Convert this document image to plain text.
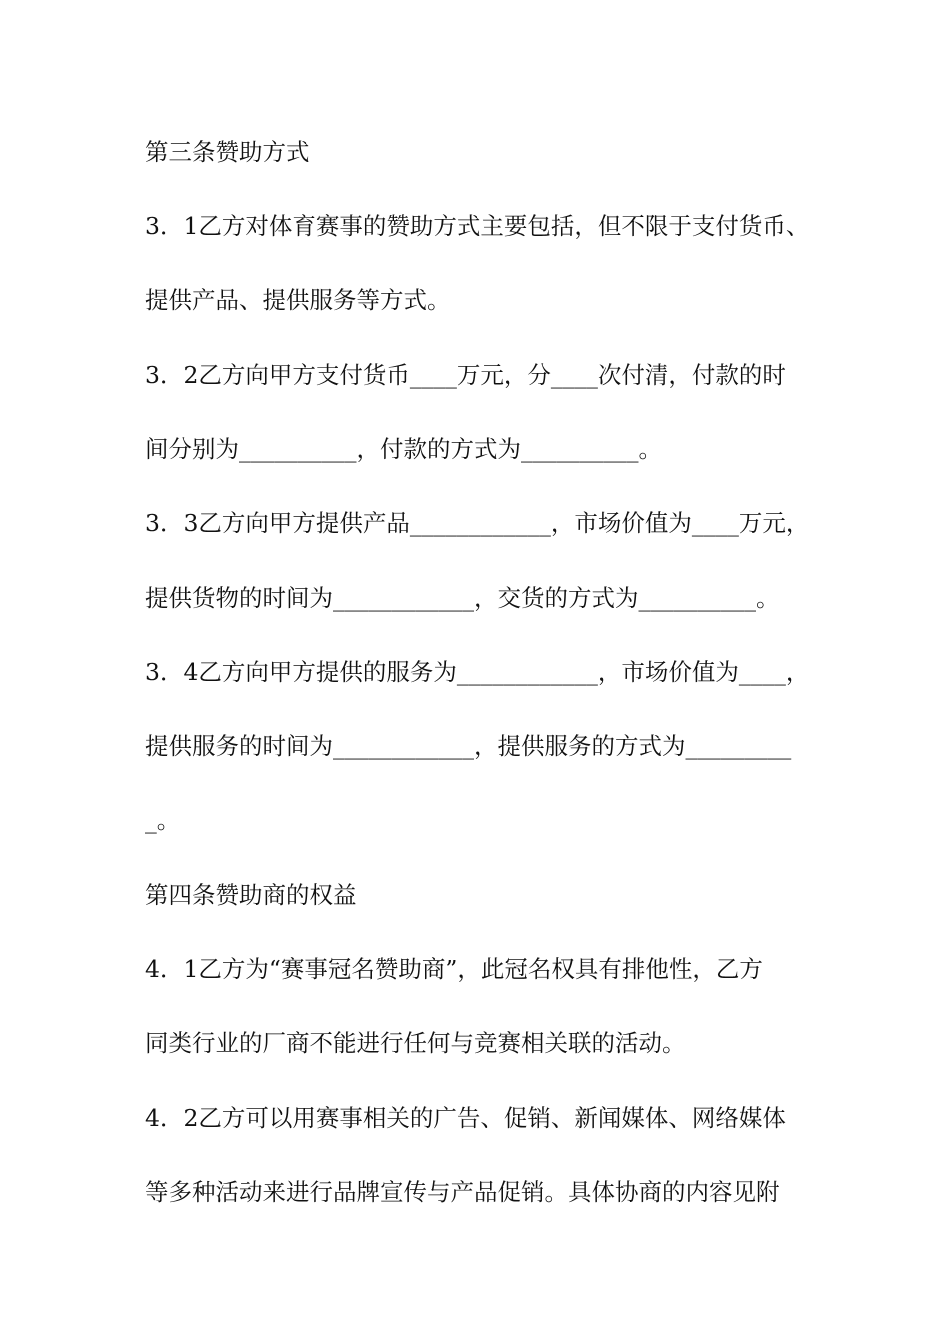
第三条赞助方式
3．1乙方对体育赛事的赞助方式主要包括，但不限于支付货币、
提供产品、提供服务等方式。
3．2乙方向甲方支付货币____万元，分____次付清，付款的时
间分别为__________，付款的方式为__________。
3．3乙方向甲方提供产品____________，市场价值为____万元，
提供货物的时间为____________，交货的方式为__________。
3．4乙方向甲方提供的服务为____________，市场价值为____，
提供服务的时间为____________，提供服务的方式为_________
_。
第四条赞助商的权益
4．1乙方为“赛事冠名赞助商”，此冠名权具有排他性，乙方
同类行业的厂商不能进行任何与竞赛相关联的活动。
4．2乙方可以用赛事相关的广告、促销、新闻媒体、网络媒体
等多种活动来进行品牌宣传与产品促销。具体协商的内容见附
